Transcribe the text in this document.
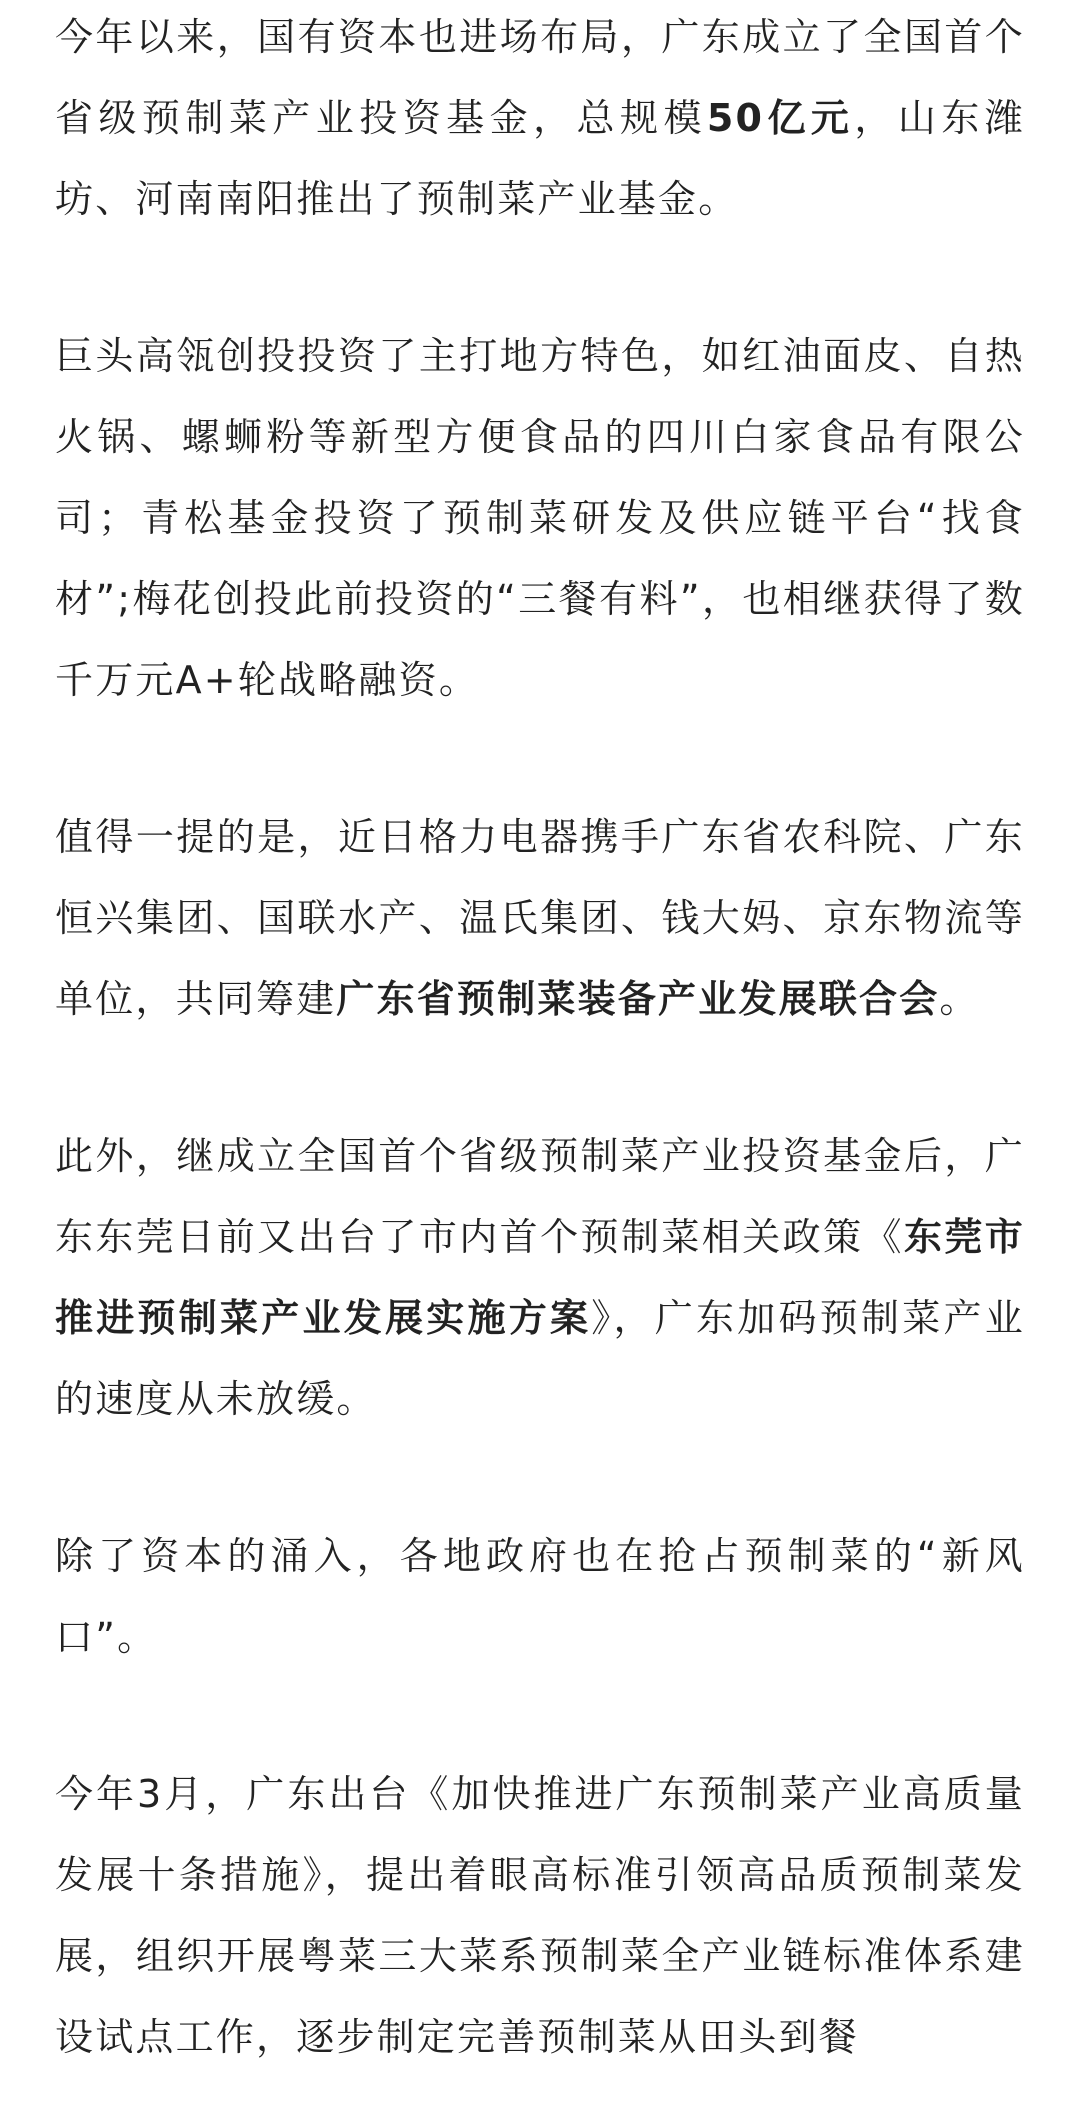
今年以来，国有资本也进场布局，广东成立了全国首个省级预制菜产业投资基金，总规模50亿元，山东潍坊、河南南阳推出了预制菜产业基金。

巨头高瓴创投投资了主打地方特色，如红油面皮、自热火锅、螺蛳粉等新型方便食品的四川白家食品有限公司；青松基金投资了预制菜研发及供应链平台“找食材”;梅花创投此前投资的“三餐有料”，也相继获得了数千万元A+轮战略融资。

值得一提的是，近日格力电器携手广东省农科院、广东恒兴集团、国联水产、温氏集团、钱大妈、京东物流等单位，共同筹建广东省预制菜装备产业发展联合会。

此外，继成立全国首个省级预制菜产业投资基金后，广东东莞日前又出台了市内首个预制菜相关政策《东莞市推进预制菜产业发展实施方案》，广东加码预制菜产业的速度从未放缓。

除了资本的涌入，各地政府也在抢占预制菜的“新风口”。

今年3月，广东出台《加快推进广东预制菜产业高质量发展十条措施》，提出着眼高标准引领高品质预制菜发展，组织开展粤菜三大菜系预制菜全产业链标准体系建设试点工作，逐步制定完善预制菜从田头到餐
